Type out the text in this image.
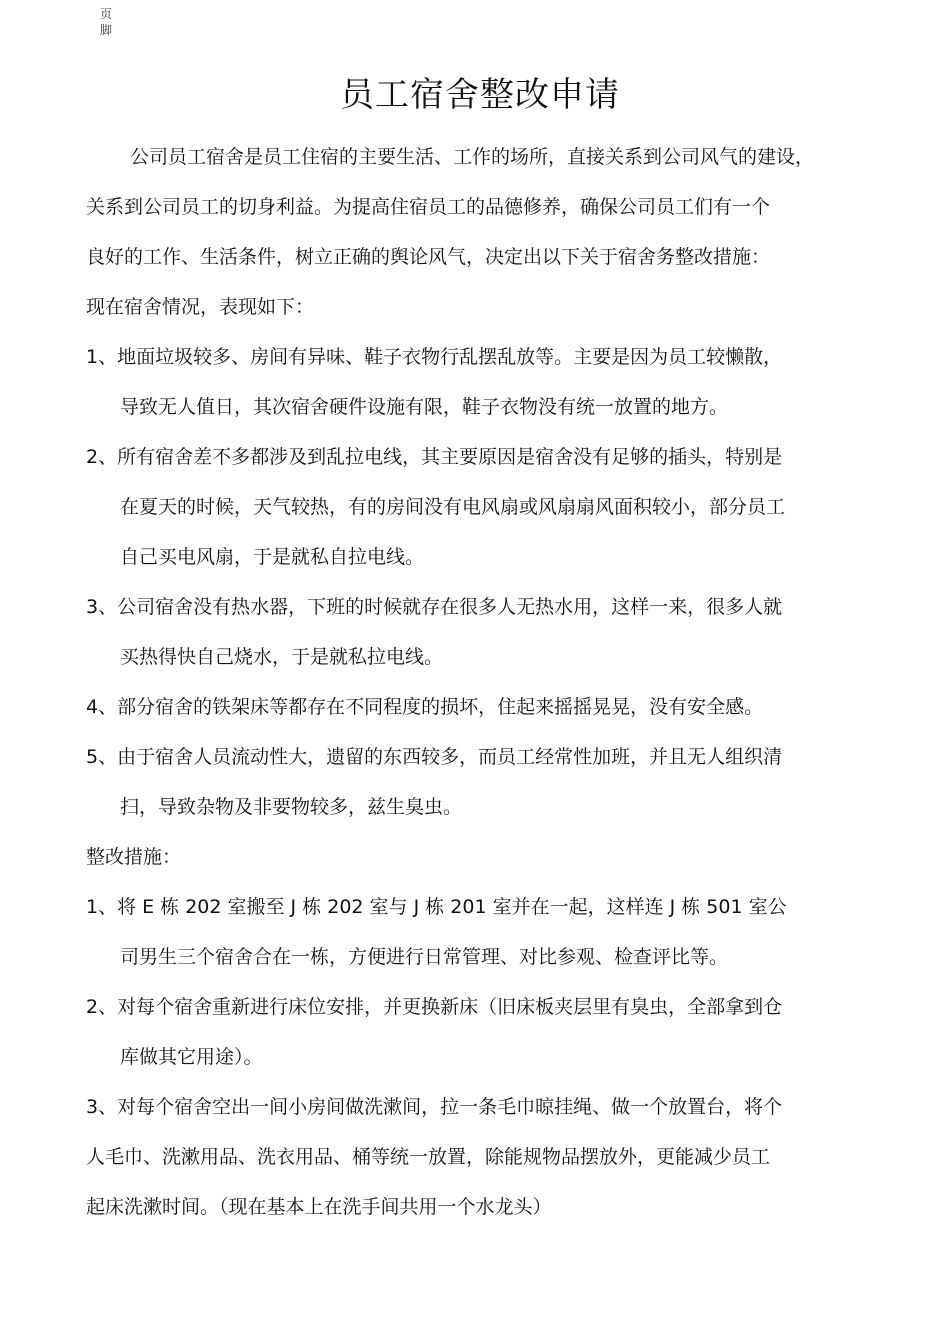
页脚
员工宿舍整改申请
公司员工宿舍是员工住宿的主要生活、工作的场所，直接关系到公司风气的建设，
关系到公司员工的切身利益。为提高住宿员工的品德修养，确保公司员工们有一个
良好的工作、生活条件，树立正确的舆论风气，决定出以下关于宿舍务整改措施：
现在宿舍情况，表现如下：
1、地面垃圾较多、房间有异味、鞋子衣物行乱摆乱放等。主要是因为员工较懒散，
导致无人值日，其次宿舍硬件设施有限，鞋子衣物没有统一放置的地方。
2、所有宿舍差不多都涉及到乱拉电线，其主要原因是宿舍没有足够的插头，特别是
在夏天的时候，天气较热，有的房间没有电风扇或风扇扇风面积较小，部分员工
自己买电风扇，于是就私自拉电线。
3、公司宿舍没有热水器，下班的时候就存在很多人无热水用，这样一来，很多人就
买热得快自己烧水，于是就私拉电线。
4、部分宿舍的铁架床等都存在不同程度的损坏，住起来摇摇晃晃，没有安全感。
5、由于宿舍人员流动性大，遗留的东西较多，而员工经常性加班，并且无人组织清
扫，导致杂物及非要物较多，兹生臭虫。
整改措施：
1、将 E 栋 202 室搬至 J 栋 202 室与 J 栋 201 室并在一起，这样连 J 栋 501 室公
司男生三个宿舍合在一栋，方便进行日常管理、对比参观、检查评比等。
2、对每个宿舍重新进行床位安排，并更换新床（旧床板夹层里有臭虫，全部拿到仓
库做其它用途）。
3、对每个宿舍空出一间小房间做洗漱间，拉一条毛巾晾挂绳、做一个放置台，将个
人毛巾、洗漱用品、洗衣用品、桶等统一放置，除能规物品摆放外，更能减少员工
起床洗漱时间。（现在基本上在洗手间共用一个水龙头）
